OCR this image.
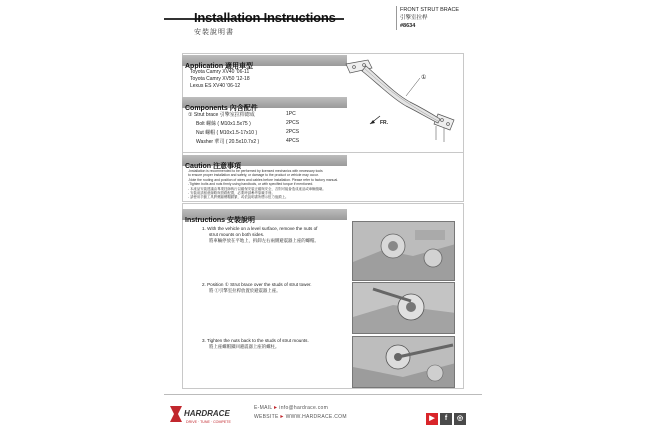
Installation Instructions
安裝說明書
FRONT STRUT BRACE
引擎室拉桿
#8634
Application 適用車型
Toyota Camry XV40 '06-11
Toyota Camry XV50 '12-18
Lexus ES XV40 '06-12
①
FR.
Components 內含配件
① Strut brace 引擎室拉桿總成	1PC
Bolt 螺絲 ( M10x1.5x75 )	2PCS
Nut 螺帽 ( M10x1.5-17x10 )	2PCS
Washer 華司 ( 20.5x10.7x2 )	4PCS
Caution 注意事項
-Installation is recommended to be performed by licensed mechanics with necessary tools
to ensure proper installation and safety, or damage to the product or vehicle may occur.
-Note the routing and position of wires and cables before installation. Please refer to factory manual.
-Tighten bolts and nuts firmly using handtools, or with specified torque if mentioned.
- 本產品安裝建議由專業技師執行以確保安裝正確與安全，否則可能會造成產品或車輛損壞。
- 安裝前請留意線路與管路配置，必要時請參考原廠手冊。
- 請使用手動工具將螺絲螺帽鎖緊，或依說明書所標示扭力值鎖上。
Instructions 安裝說明
1. With the vehicle on a level surface, remove the nuts of
strut mounts on both sides.
將車輛停放在平地上，拆卸左右兩側避震器上座的螺帽。
2. Position ① Strut brace over the studs of strut tower.
將 ①引擎室拉桿放置於避震器上座。
3. Tighten the nuts back to the studs of strut mounts.
將上座螺帽鎖回避震器上座的螺柱。
HARDRACE
DRIVE · TUNE · COMPETE
E-MAIL ▸ info@hardrace.com
WEBSITE ▸ WWW.HARDRACE.COM	▶ f ◎
